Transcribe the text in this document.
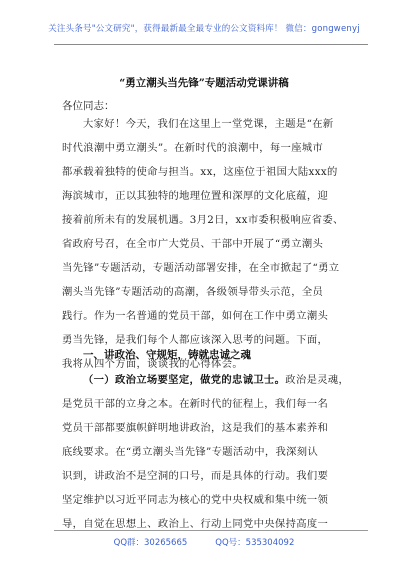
关注头条号"公文研究"，获得最新最全最专业的公文资料库！ 微信：gongwenyj
“勇立潮头当先锋”专题活动党课讲稿
各位同志：
大家好！今天，我们在这里上一堂党课，主题是“在新
时代浪潮中勇立潮头”。在新时代的浪潮中，每一座城市
都承载着独特的使命与担当。xx，这座位于祖国大陆xxx的
海滨城市，正以其独特的地理位置和深厚的文化底蕴，迎
接着前所未有的发展机遇。3月2日，xx市委积极响应省委、
省政府号召，在全市广大党员、干部中开展了“勇立潮头
当先锋”专题活动，专题活动部署安排，在全市掀起了“勇立
潮头当先锋”专题活动的高潮，各级领导带头示范，全员
践行。作为一名普通的党员干部，如何在工作中勇立潮头
勇当先锋，是我们每个人都应该深入思考的问题。下面，
我将从四个方面，谈谈我的心得体会。
一、讲政治、守规矩，铸就忠诚之魂
（一）政治立场要坚定，做党的忠诚卫士。政治是灵魂，
是党员干部的立身之本。在新时代的征程上，我们每一名
党员干部都要旗帜鲜明地讲政治，这是我们的基本素养和
底线要求。在“勇立潮头当先锋”专题活动中，我深刻认
识到，讲政治不是空洞的口号，而是具体的行动。我们要
坚定维护以习近平同志为核心的党中央权威和集中统一领
导，自觉在思想上、政治上、行动上同党中央保持高度一
QQ群：30265665	QQ号：535304092
